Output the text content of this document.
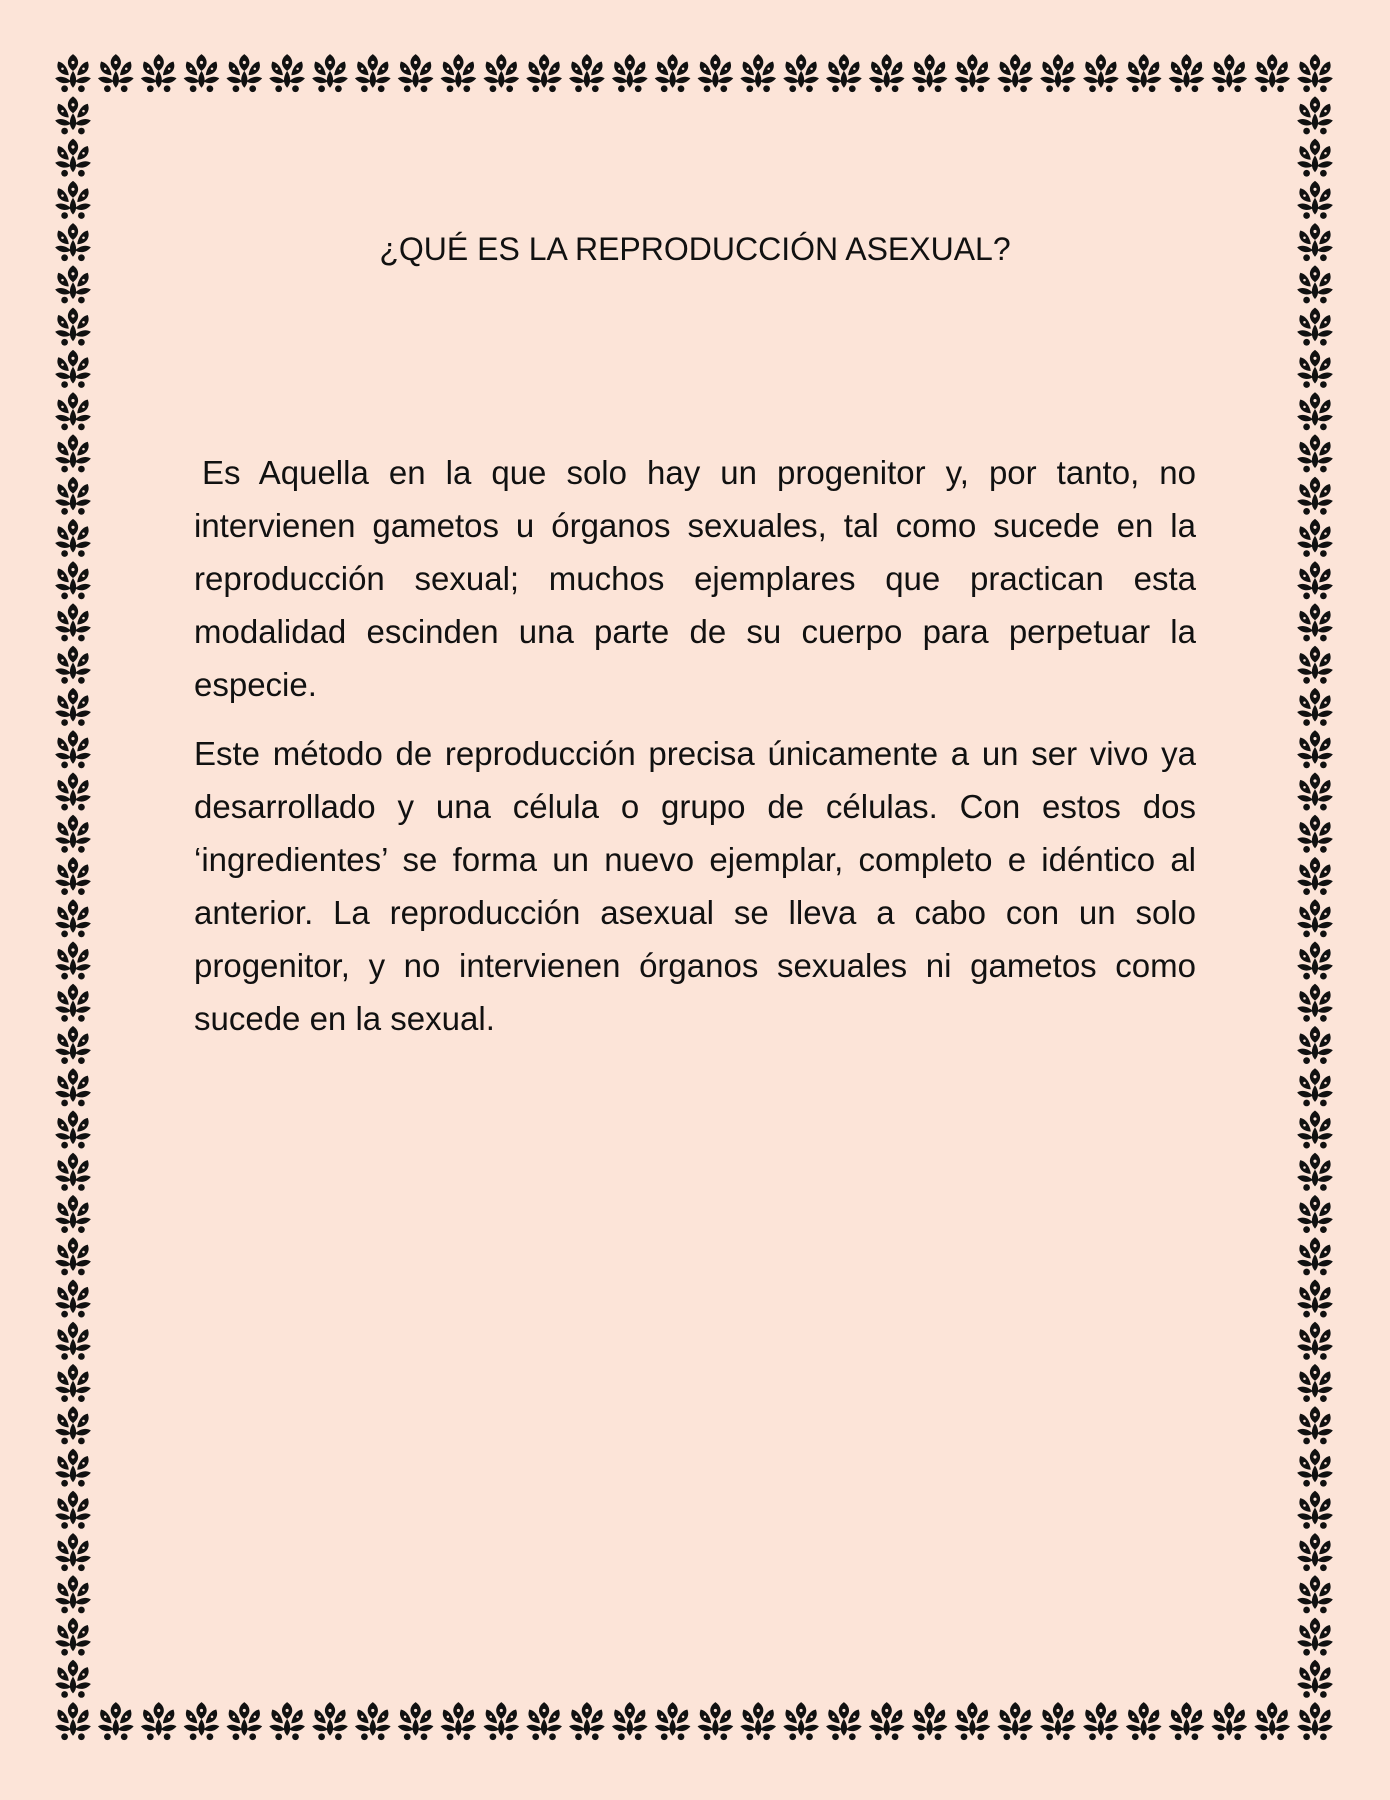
¿QUÉ ES LA REPRODUCCIÓN ASEXUAL?

Es Aquella en la que solo hay un progenitor y, por tanto, no intervienen gametos u órganos sexuales, tal como sucede en la reproducción sexual; muchos ejemplares que practican esta modalidad escinden una parte de su cuerpo para perpetuar la especie.

Este método de reproducción precisa únicamente a un ser vivo ya desarrollado y una célula o grupo de células. Con estos dos ‘ingredientes’ se forma un nuevo ejemplar, completo e idéntico al anterior. La reproducción asexual se lleva a cabo con un solo progenitor, y no intervienen órganos sexuales ni gametos como sucede en la sexual.
